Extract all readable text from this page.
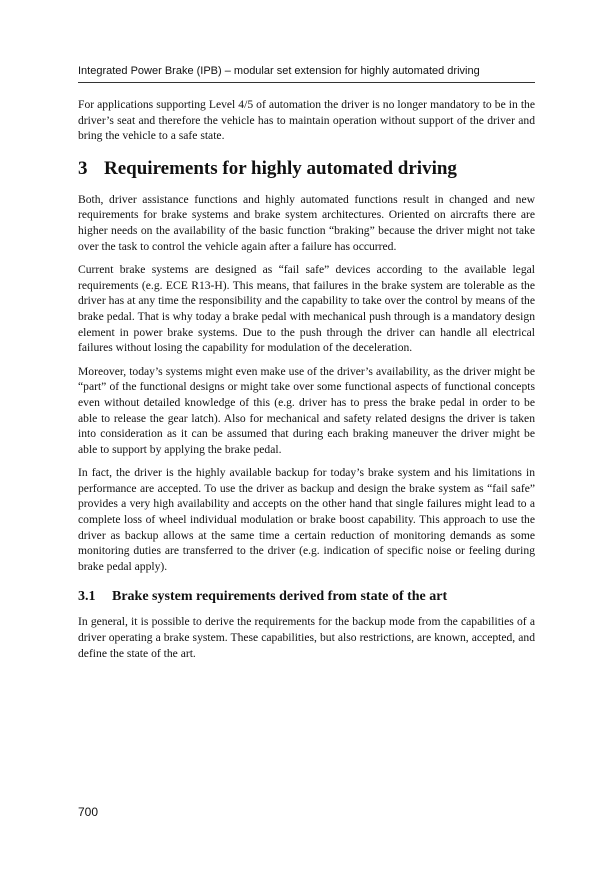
Integrated Power Brake (IPB) – modular set extension for highly automated driving

For applications supporting Level 4/5 of automation the driver is no longer mandatory to be in the driver’s seat and therefore the vehicle has to maintain operation without support of the driver and bring the vehicle to a safe state.

3 Requirements for highly automated driving

Both, driver assistance functions and highly automated functions result in changed and new requirements for brake systems and brake system architectures. Oriented on aircrafts there are higher needs on the availability of the basic function “braking” because the driver might not take over the task to control the vehicle again after a failure has occurred.

Current brake systems are designed as “fail safe” devices according to the available legal requirements (e.g. ECE R13-H). This means, that failures in the brake system are tolerable as the driver has at any time the responsibility and the capability to take over the control by means of the brake pedal. That is why today a brake pedal with mechanical push through is a mandatory design element in power brake systems. Due to the push through the driver can handle all electrical failures without losing the capability for modulation of the deceleration.

Moreover, today’s systems might even make use of the driver’s availability, as the driver might be “part” of the functional designs or might take over some functional aspects of functional concepts even without detailed knowledge of this (e.g. driver has to press the brake pedal in order to be able to release the gear latch). Also for mechanical and safety related designs the driver is taken into consideration as it can be assumed that during each braking maneuver the driver might be able to support by applying the brake pedal.

In fact, the driver is the highly available backup for today’s brake system and his limitations in performance are accepted. To use the driver as backup and design the brake system as “fail safe” provides a very high availability and accepts on the other hand that single failures might lead to a complete loss of wheel individual modulation or brake boost capability. This approach to use the driver as backup allows at the same time a certain reduction of monitoring demands as some monitoring duties are transferred to the driver (e.g. indication of specific noise or feeling during brake pedal apply).

3.1 Brake system requirements derived from state of the art

In general, it is possible to derive the requirements for the backup mode from the capabilities of a driver operating a brake system. These capabilities, but also restrictions, are known, accepted, and define the state of the art.

700
